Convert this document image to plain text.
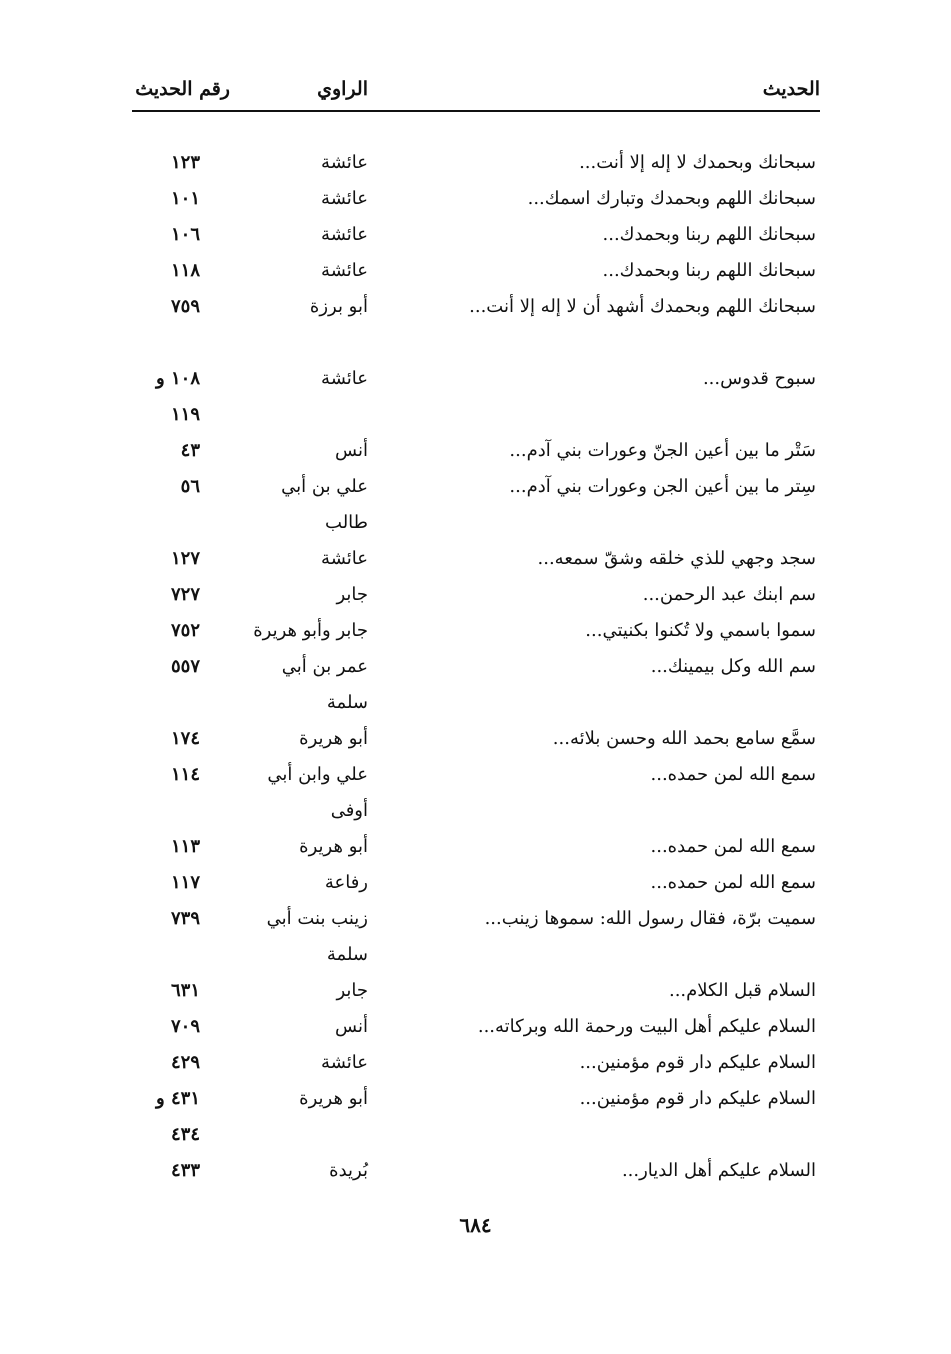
الحديث
الراوي
رقم الحديث
سبحانك وبحمدك لا إله إلا أنت...
عائشة
١٢٣
سبحانك اللهم وبحمدك وتبارك اسمك...
عائشة
١٠١
سبحانك اللهم ربنا وبحمدك...
عائشة
١٠٦
سبحانك اللهم ربنا وبحمدك...
عائشة
١١٨
سبحانك اللهم وبحمدك أشهد أن لا إله إلا أنت...
أبو برزة
٧٥٩
سبوح قدوس...
عائشة
١٠٨ و ١١٩
سَتْر ما بين أعين الجنّ وعورات بني آدم...
أنس
٤٣
سِتر ما بين أعين الجن وعورات بني آدم...
علي بن أبي طالب
٥٦
سجد وجهي للذي خلقه وشقّ سمعه...
عائشة
١٢٧
سم ابنك عبد الرحمن...
جابر
٧٢٧
سموا باسمي ولا تُكنوا بكنيتي...
جابر وأبو هريرة
٧٥٢
سم الله وكل بيمينك...
عمر بن أبي سلمة
٥٥٧
سمَّع سامع بحمد الله وحسن بلائه...
أبو هريرة
١٧٤
سمع الله لمن حمده...
علي وابن أبي أوفى
١١٤
سمع الله لمن حمده...
أبو هريرة
١١٣
سمع الله لمن حمده...
رفاعة
١١٧
سميت برّة، فقال رسول الله: سموها زينب...
زينب بنت أبي سلمة
٧٣٩
السلام قبل الكلام...
جابر
٦٣١
السلام عليكم أهل البيت ورحمة الله وبركاته...
أنس
٧٠٩
السلام عليكم دار قوم مؤمنين...
عائشة
٤٢٩
السلام عليكم دار قوم مؤمنين...
أبو هريرة
٤٣١ و ٤٣٤
السلام عليكم أهل الديار...
بُريدة
٤٣٣
٦٨٤
